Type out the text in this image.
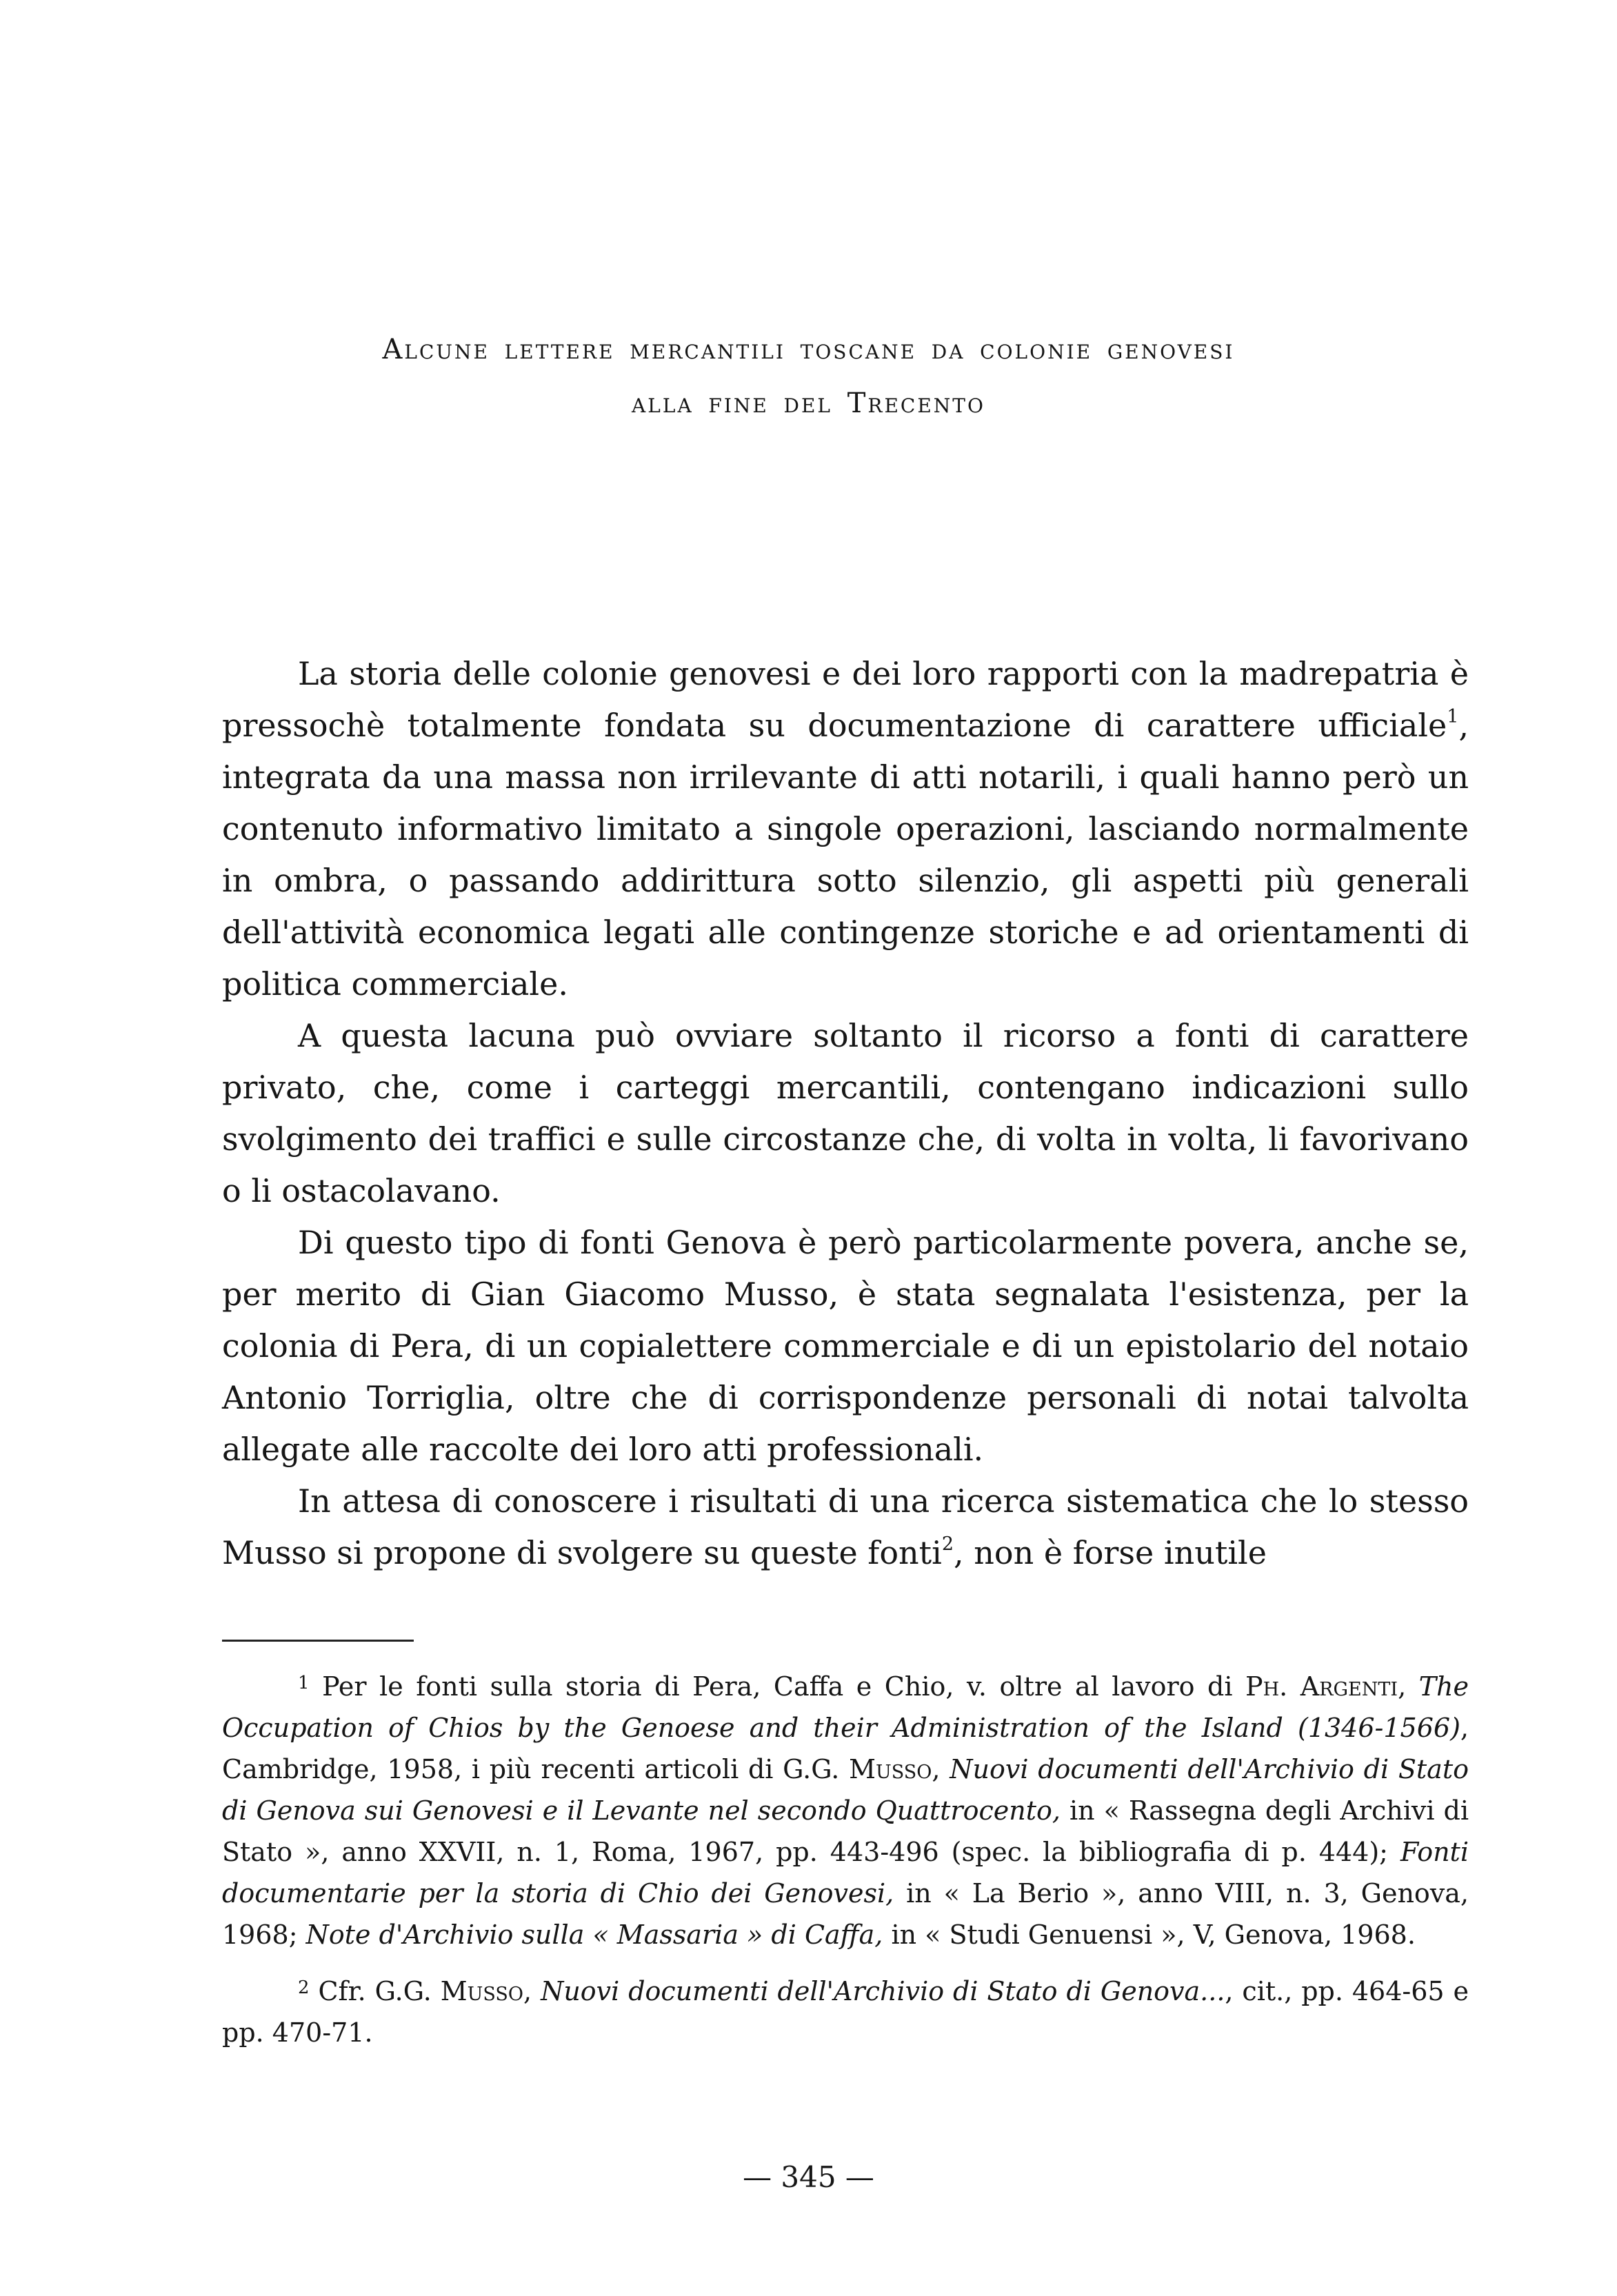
Alcune lettere mercantili toscane da colonie genovesi
alla fine del Trecento

La storia delle colonie genovesi e dei loro rapporti con la madrepatria è pressochè totalmente fondata su documentazione di carattere ufficiale$^1$, integrata da una massa non irrilevante di atti notarili, i quali hanno però un contenuto informativo limitato a singole operazioni, lasciando normalmente in ombra, o passando addirittura sotto silenzio, gli aspetti più generali dell'attività economica legati alle contingenze storiche e ad orientamenti di politica commerciale.

A questa lacuna può ovviare soltanto il ricorso a fonti di carattere privato, che, come i carteggi mercantili, contengano indicazioni sullo svolgimento dei traffici e sulle circostanze che, di volta in volta, li favorivano o li ostacolavano.

Di questo tipo di fonti Genova è però particolarmente povera, anche se, per merito di Gian Giacomo Musso, è stata segnalata l'esistenza, per la colonia di Pera, di un copialettere commerciale e di un epistolario del notaio Antonio Torriglia, oltre che di corrispondenze personali di notai talvolta allegate alle raccolte dei loro atti professionali.

In attesa di conoscere i risultati di una ricerca sistematica che lo stesso Musso si propone di svolgere su queste fonti$^2$, non è forse inutile

$^1$ Per le fonti sulla storia di Pera, Caffa e Chio, v. oltre al lavoro di Ph. Argenti, The Occupation of Chios by the Genoese and their Administration of the Island (1346-1566), Cambridge, 1958, i più recenti articoli di G.G. Musso, Nuovi documenti dell'Archivio di Stato di Genova sui Genovesi e il Levante nel secondo Quattrocento, in « Rassegna degli Archivi di Stato », anno XXVII, n. 1, Roma, 1967, pp. 443-496 (spec. la bibliografia di p. 444); Fonti documentarie per la storia di Chio dei Genovesi, in « La Berio », anno VIII, n. 3, Genova, 1968; Note d'Archivio sulla « Massaria » di Caffa, in « Studi Genuensi », V, Genova, 1968.

$^2$ Cfr. G.G. Musso, Nuovi documenti dell'Archivio di Stato di Genova..., cit., pp. 464-65 e pp. 470-71.

— 345 —
